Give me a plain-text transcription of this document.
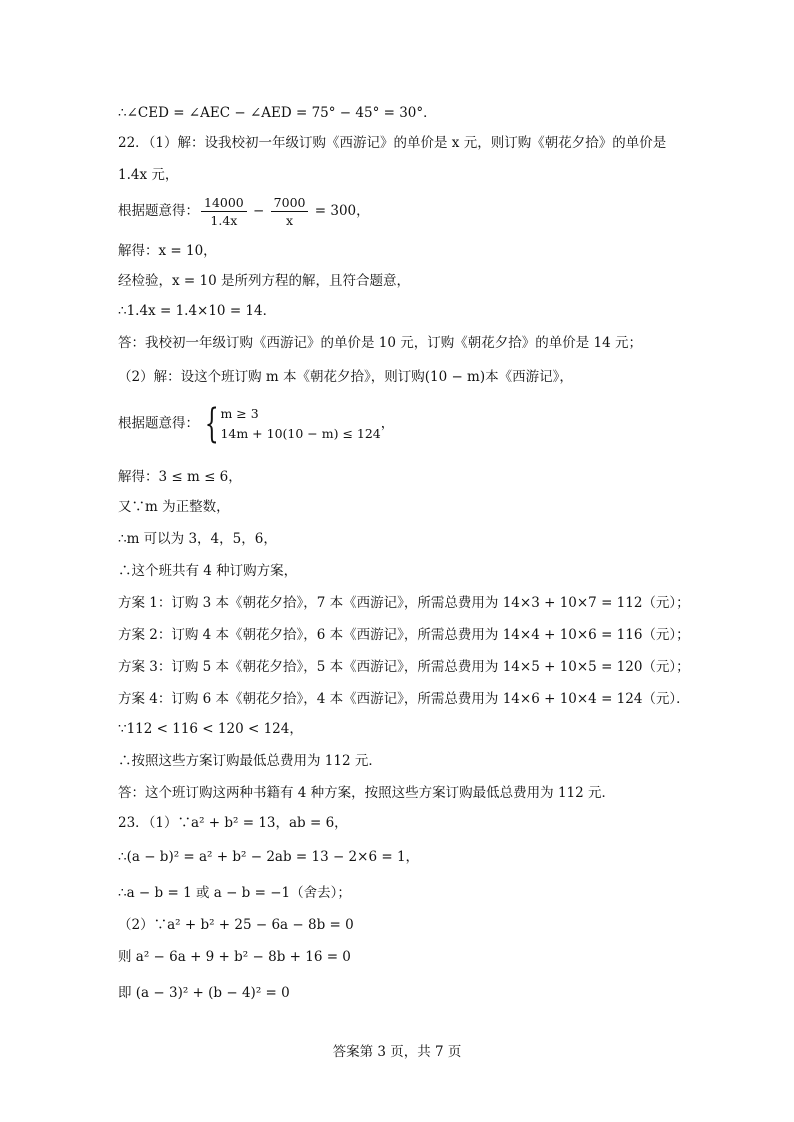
∴∠CED = ∠AEC − ∠AED = 75° − 45° = 30°．
22．（1）解：设我校初一年级订购《西游记》的单价是 x 元，则订购《朝花夕拾》的单价是
1.4x 元，
根据题意得： $\frac{14000}{1.4x} - \frac{7000}{x} = 300$，
解得：x = 10，
经检验，x = 10 是所列方程的解，且符合题意，
∴1.4x = 1.4×10 = 14．
答：我校初一年级订购《西游记》的单价是 10 元，订购《朝花夕拾》的单价是 14 元；
（2）解：设这个班订购 m 本《朝花夕拾》，则订购(10 − m)本《西游记》，
根据题意得： { m ≥ 3
14m + 10(10 − m) ≤ 124
，
解得：3 ≤ m ≤ 6，
又∵m 为正整数，
∴m 可以为 3，4，5，6，
∴这个班共有 4 种订购方案，
方案 1：订购 3 本《朝花夕拾》，7 本《西游记》，所需总费用为 14×3 + 10×7 = 112（元）；
方案 2：订购 4 本《朝花夕拾》，6 本《西游记》，所需总费用为 14×4 + 10×6 = 116（元）；
方案 3：订购 5 本《朝花夕拾》，5 本《西游记》，所需总费用为 14×5 + 10×5 = 120（元）；
方案 4：订购 6 本《朝花夕拾》，4 本《西游记》，所需总费用为 14×6 + 10×4 = 124（元）．
∵112 < 116 < 120 < 124，
∴按照这些方案订购最低总费用为 112 元．
答：这个班订购这两种书籍有 4 种方案，按照这些方案订购最低总费用为 112 元．
23．（1）∵a² + b² = 13，ab = 6，
∴(a − b)² = a² + b² − 2ab = 13 − 2×6 = 1，
∴a − b = 1 或 a − b = −1（舍去）；
（2）∵a² + b² + 25 − 6a − 8b = 0
则 a² − 6a + 9 + b² − 8b + 16 = 0
即 (a − 3)² + (b − 4)² = 0
答案第 3 页，共 7 页
